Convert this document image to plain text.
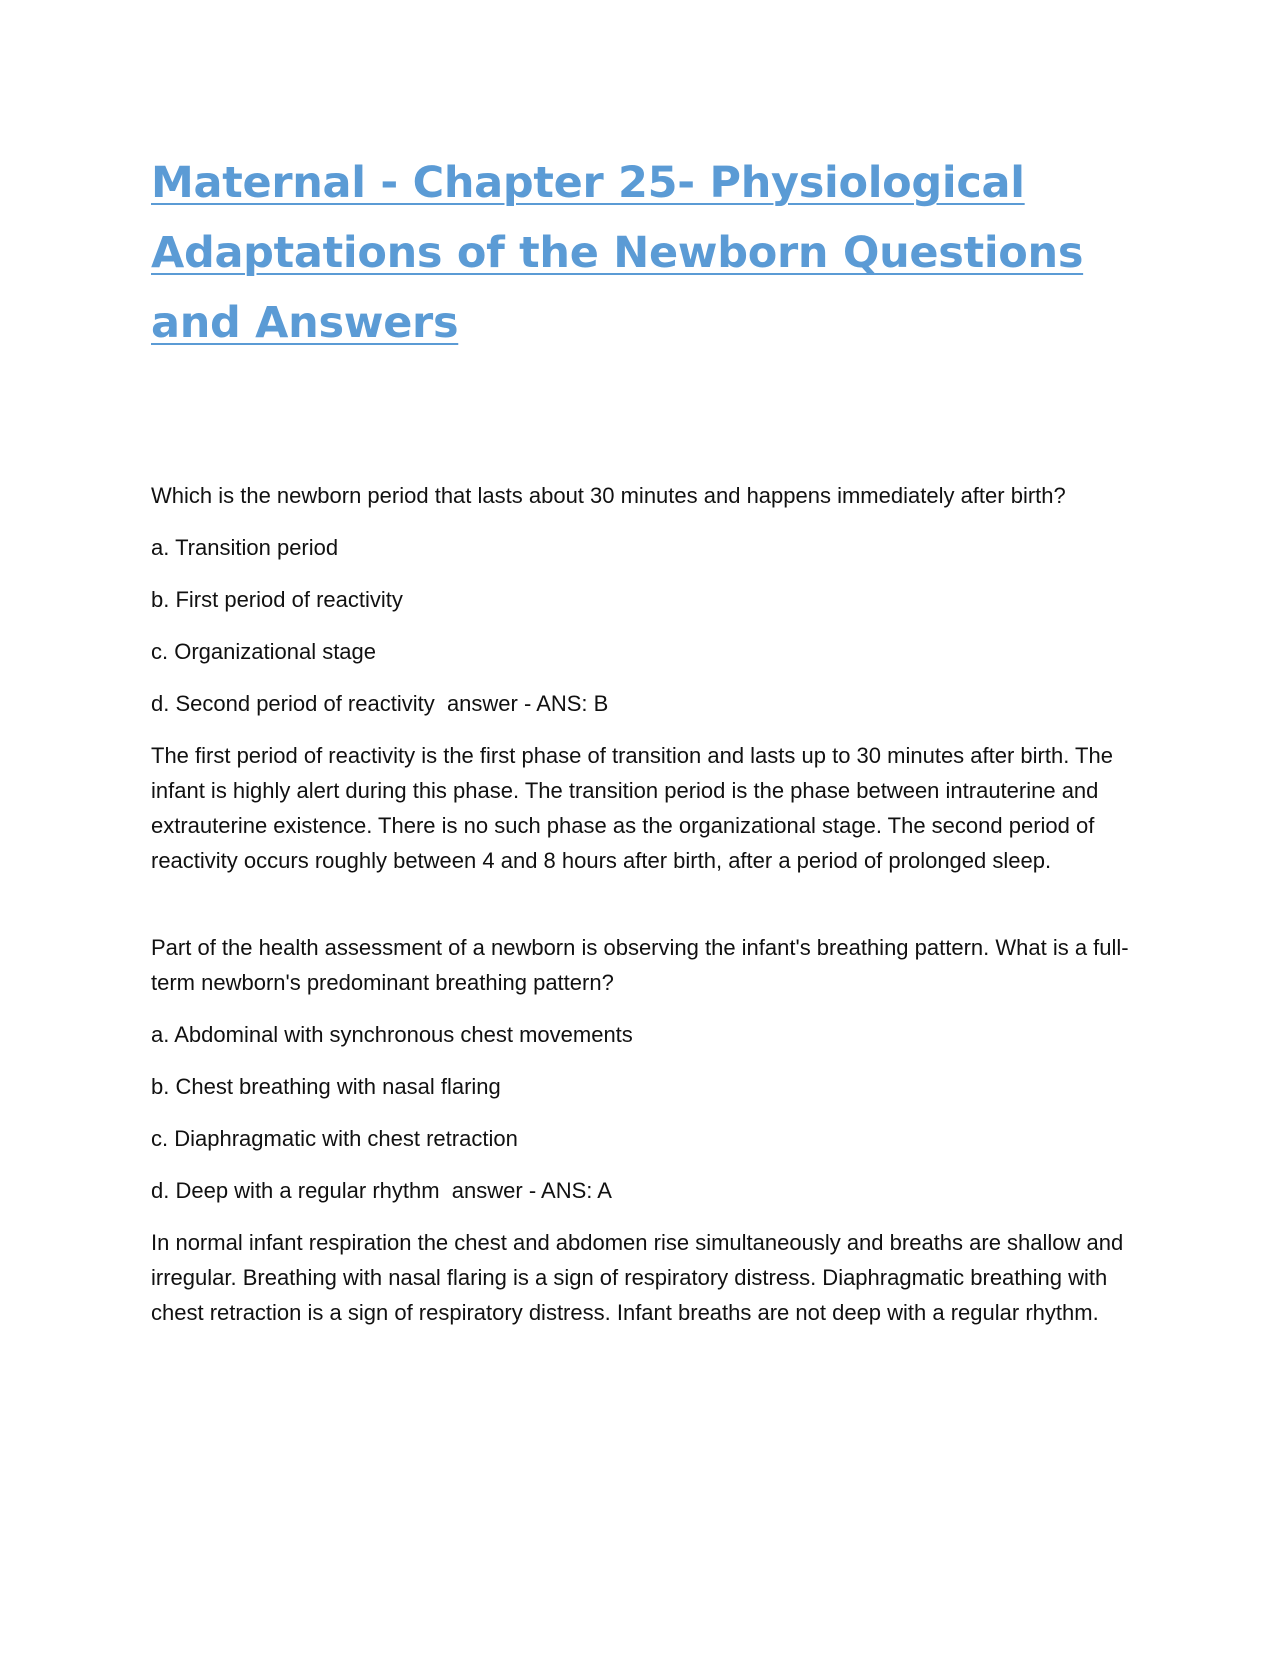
Maternal - Chapter 25- Physiological Adaptations of the Newborn Questions and Answers

Which is the newborn period that lasts about 30 minutes and happens immediately after birth?

a. Transition period

b. First period of reactivity

c. Organizational stage

d. Second period of reactivity  answer - ANS: B

The first period of reactivity is the first phase of transition and lasts up to 30 minutes after birth. The infant is highly alert during this phase. The transition period is the phase between intrauterine and extrauterine existence. There is no such phase as the organizational stage. The second period of reactivity occurs roughly between 4 and 8 hours after birth, after a period of prolonged sleep.

Part of the health assessment of a newborn is observing the infant's breathing pattern. What is a full-term newborn's predominant breathing pattern?

a. Abdominal with synchronous chest movements

b. Chest breathing with nasal flaring

c. Diaphragmatic with chest retraction

d. Deep with a regular rhythm  answer - ANS: A

In normal infant respiration the chest and abdomen rise simultaneously and breaths are shallow and irregular. Breathing with nasal flaring is a sign of respiratory distress. Diaphragmatic breathing with chest retraction is a sign of respiratory distress. Infant breaths are not deep with a regular rhythm.
